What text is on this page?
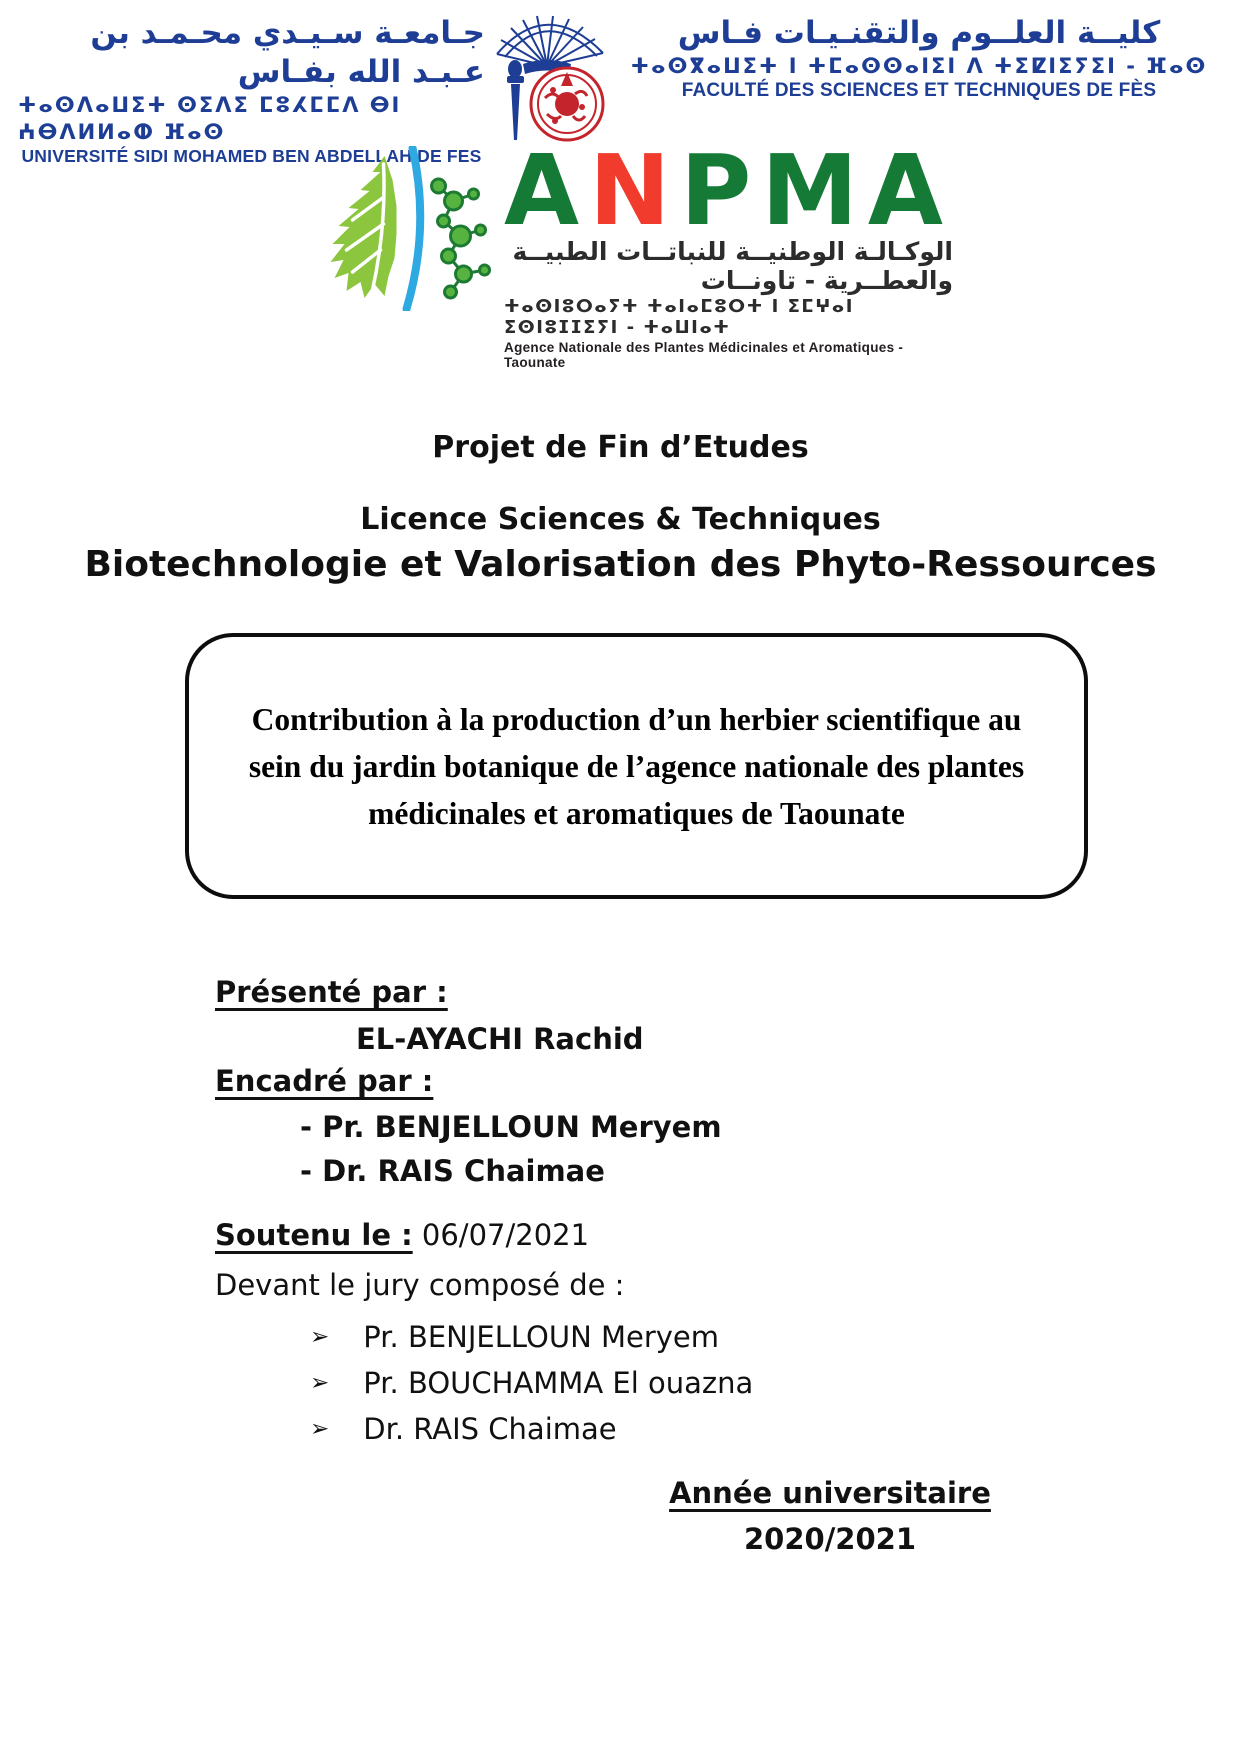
جـامعـة سـيـدي محـمـد بن عـبـد الله بفـاس
ⵜⴰⵙⴷⴰⵡⵉⵜ ⵙⵉⴷⵉ ⵎⵓⵃⵎⵎⴷ ⴱⵏ ⵄⴱⴷⵍⵍⴰⵀ ⴼⴰⵙ
UNIVERSITÉ SIDI MOHAMED BEN ABDELLAH DE FES
كليــة العلــوم والتقنـيـات فـاس
ⵜⴰⵙⴳⴰⵡⵉⵜ ⵏ ⵜⵎⴰⵙⵙⴰⵏⵉⵏ ⴷ ⵜⵉⵇⵏⵉⵢⵉⵏ - ⴼⴰⵙ
FACULTÉ DES SCIENCES ET TECHNIQUES DE FÈS
ANPMA
الوكـالـة الوطنيــة للنباتــات الطبيــة والعطــرية - تاونــات
ⵜⴰⵙⵏⵓⵔⴰⵢⵜ ⵜⴰⵏⴰⵎⵓⵔⵜ ⵏ ⵉⵎⵖⴰⵏ ⵉⵙⵏⵓⵊⵊⵉⵢⵏ - ⵜⴰⵡⵏⴰⵜ
Agence Nationale des Plantes Médicinales et Aromatiques - Taounate
Projet de Fin d’Etudes
Licence Sciences & Techniques
Biotechnologie et Valorisation des Phyto-Ressources
Contribution à la production d’un herbier scientifique au
sein du jardin botanique de l’agence nationale des plantes
médicinales et aromatiques de Taounate
Présenté par :
EL-AYACHI Rachid
Encadré par :
- Pr. BENJELLOUN Meryem
- Dr. RAIS Chaimae
Soutenu le : 06/07/2021
Devant le jury composé de :
➢ Pr. BENJELLOUN Meryem
➢ Pr. BOUCHAMMA El ouazna
➢ Dr. RAIS Chaimae
Année universitaire
2020/2021
